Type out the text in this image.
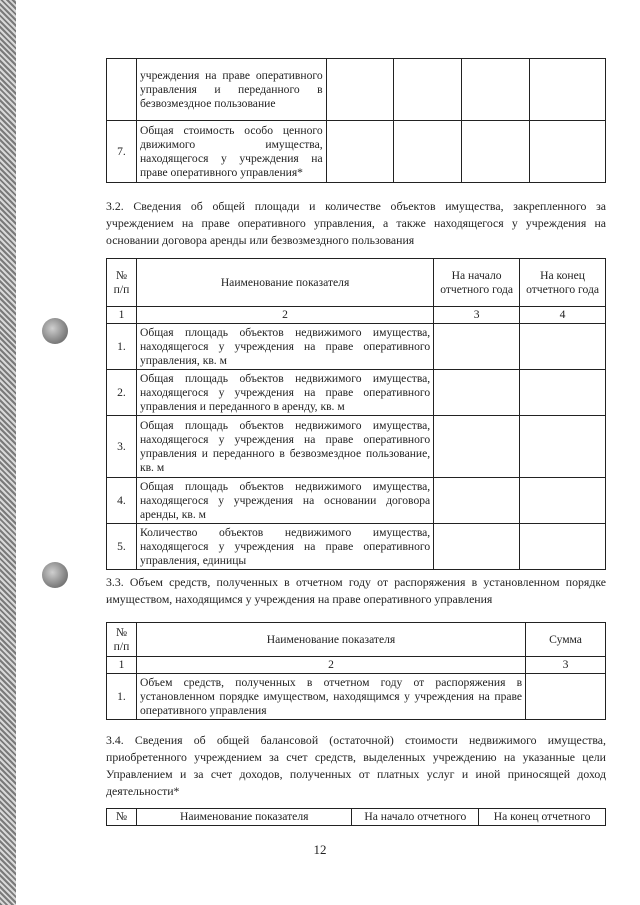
	учреждения на праве оперативного управления и переданного в безвозмездное пользование				
7.	Общая стоимость особо ценного движимого имущества, находящегося у учреждения на праве оперативного управления*				
3.2. Сведения об общей площади и количестве объектов имущества, закрепленного за учреждением на праве оперативного управления, а также находящегося у учреждения на основании договора аренды или безвозмездного пользования
№ п/п	Наименование показателя	На начало отчетного года	На конец отчетного года
1	2	3	4
1.	Общая площадь объектов недвижимого имущества, находящегося у учреждения на праве оперативного управления, кв. м		
2.	Общая площадь объектов недвижимого имущества, находящегося у учреждения на праве оперативного управления и переданного в аренду, кв. м		
3.	Общая площадь объектов недвижимого имущества, находящегося у учреждения на праве оперативного управления и переданного в безвозмездное пользование, кв. м		
4.	Общая площадь объектов недвижимого имущества, находящегося у учреждения на основании договора аренды, кв. м		
5.	Количество объектов недвижимого имущества, находящегося у учреждения на праве оперативного управления, единицы		
3.3. Объем средств, полученных в отчетном году от распоряжения в установленном порядке имуществом, находящимся у учреждения на праве оперативного управления
№ п/п	Наименование показателя	Сумма
1	2	3
1.	Объем средств, полученных в отчетном году от распоряжения в установленном порядке имуществом, находящимся у учреждения на праве оперативного управления	
3.4. Сведения об общей балансовой (остаточной) стоимости недвижимого имущества, приобретенного учреждением за счет средств, выделенных учреждению на указанные цели Управлением и за счет доходов, полученных от платных услуг и иной приносящей доход деятельности*
№	Наименование показателя	На начало отчетного	На конец отчетного
12
